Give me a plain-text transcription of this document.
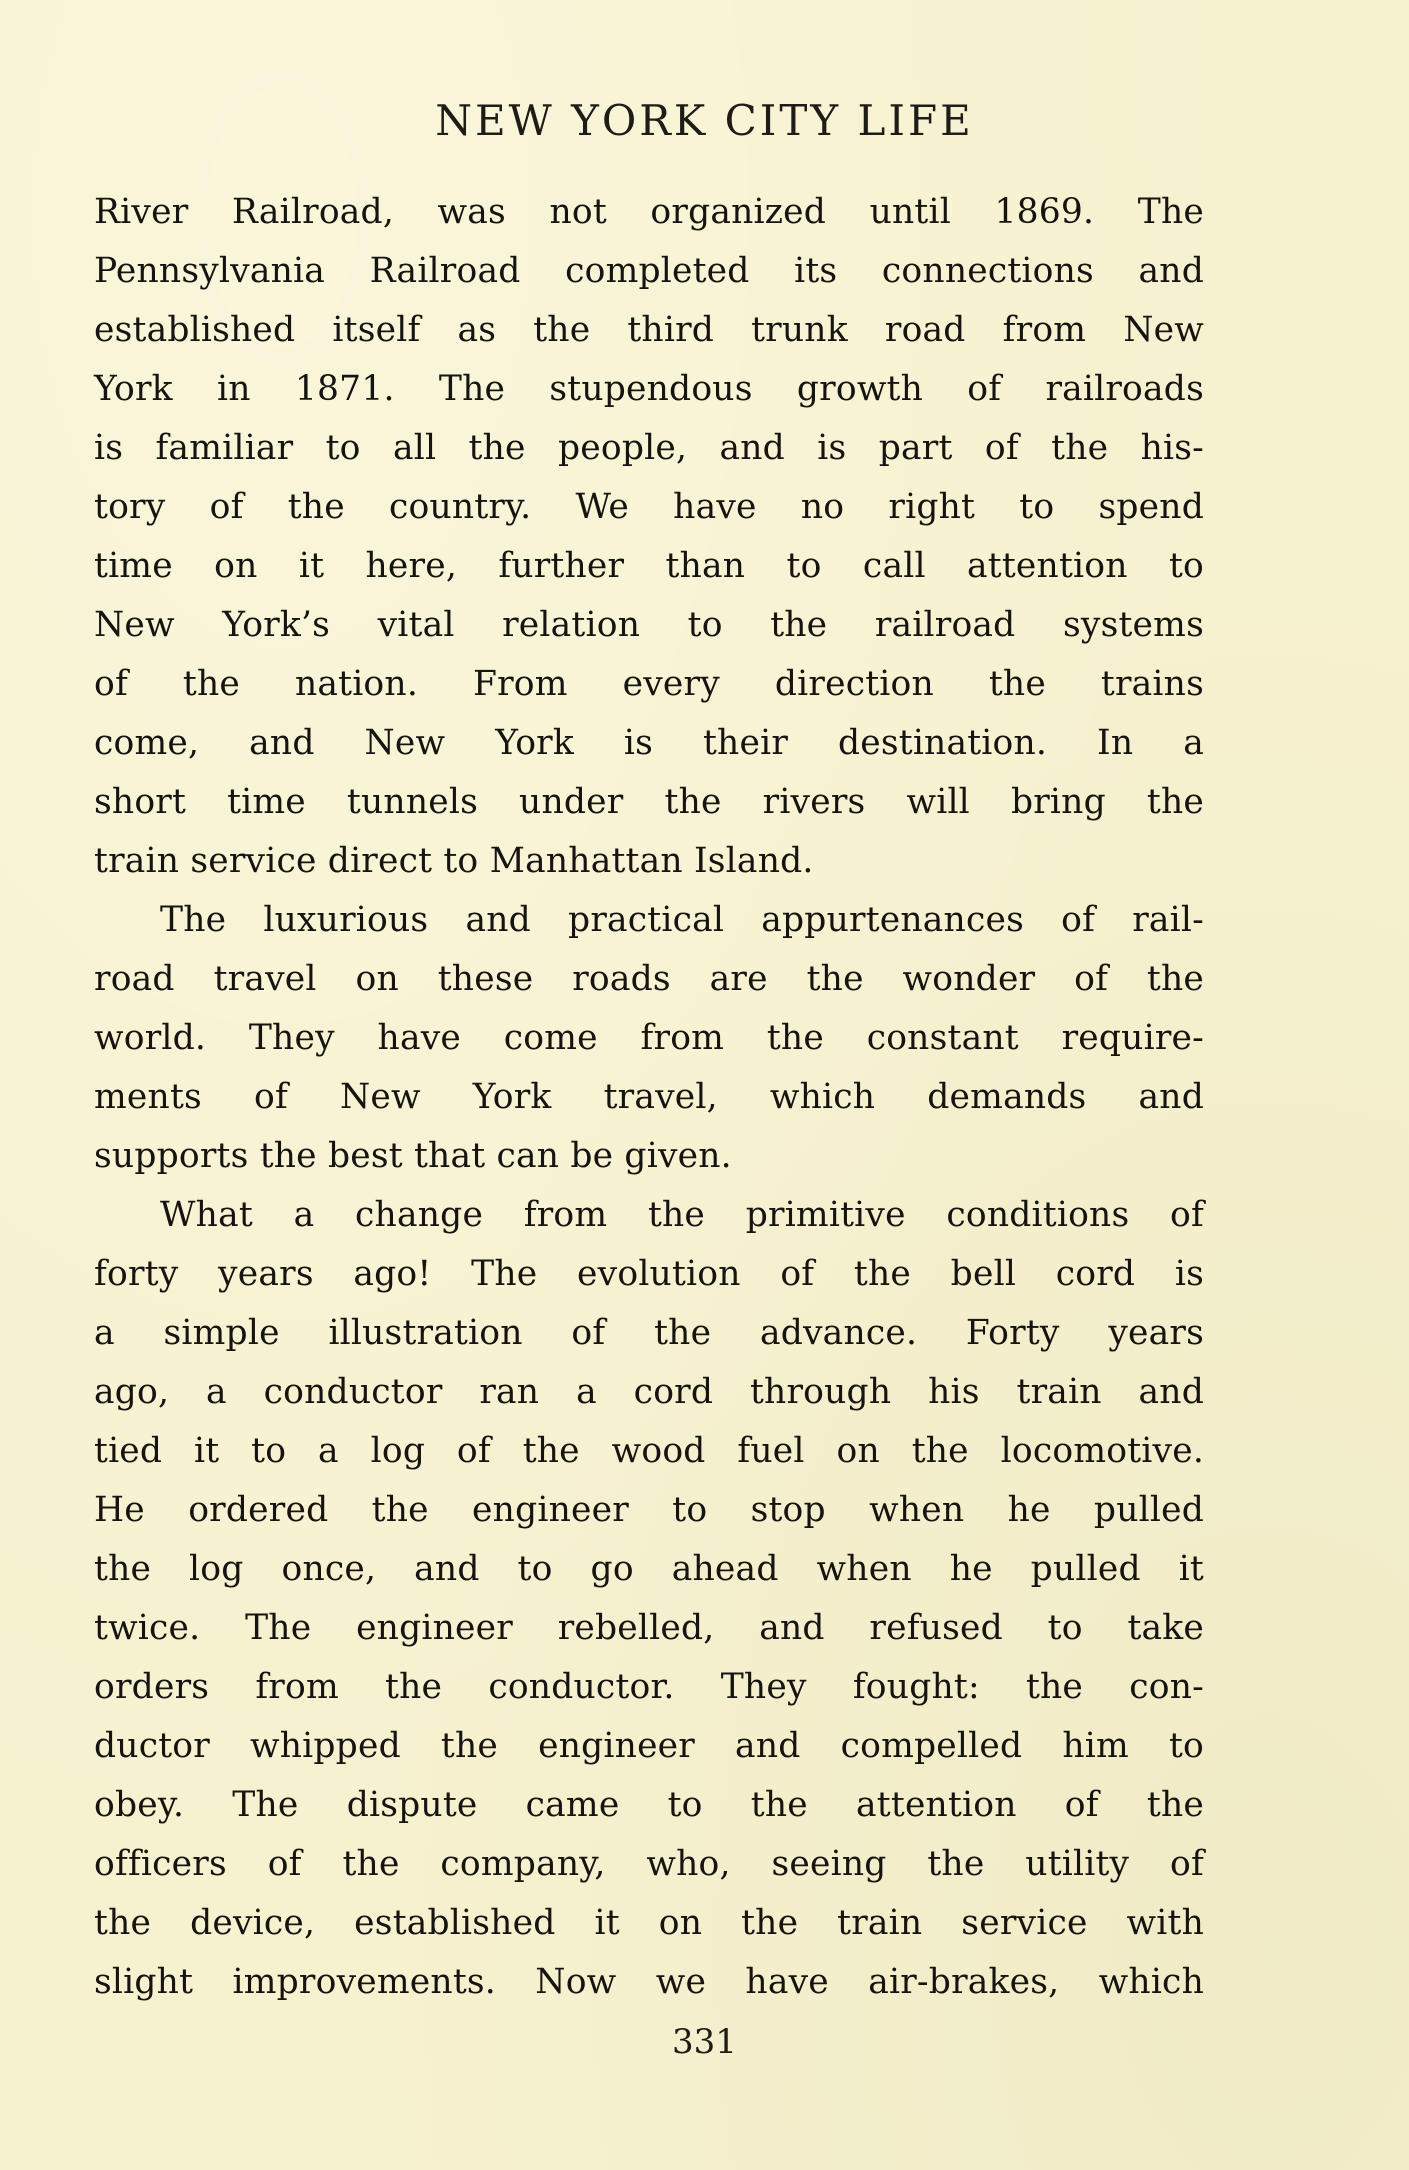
NEW YORK CITY LIFE
River Railroad, was not organized until 1869. The
Pennsylvania Railroad completed its connections and
established itself as the third trunk road from New
York in 1871. The stupendous growth of railroads
is familiar to all the people, and is part of the his-
tory of the country. We have no right to spend
time on it here, further than to call attention to
New York’s vital relation to the railroad systems
of the nation. From every direction the trains
come, and New York is their destination. In a
short time tunnels under the rivers will bring the
train service direct to Manhattan Island.
The luxurious and practical appurtenances of rail-
road travel on these roads are the wonder of the
world. They have come from the constant require-
ments of New York travel, which demands and
supports the best that can be given.
What a change from the primitive conditions of
forty years ago! The evolution of the bell cord is
a simple illustration of the advance. Forty years
ago, a conductor ran a cord through his train and
tied it to a log of the wood fuel on the locomotive.
He ordered the engineer to stop when he pulled
the log once, and to go ahead when he pulled it
twice. The engineer rebelled, and refused to take
orders from the conductor. They fought: the con-
ductor whipped the engineer and compelled him to
obey. The dispute came to the attention of the
officers of the company, who, seeing the utility of
the device, established it on the train service with
slight improvements. Now we have air-brakes, which
331
